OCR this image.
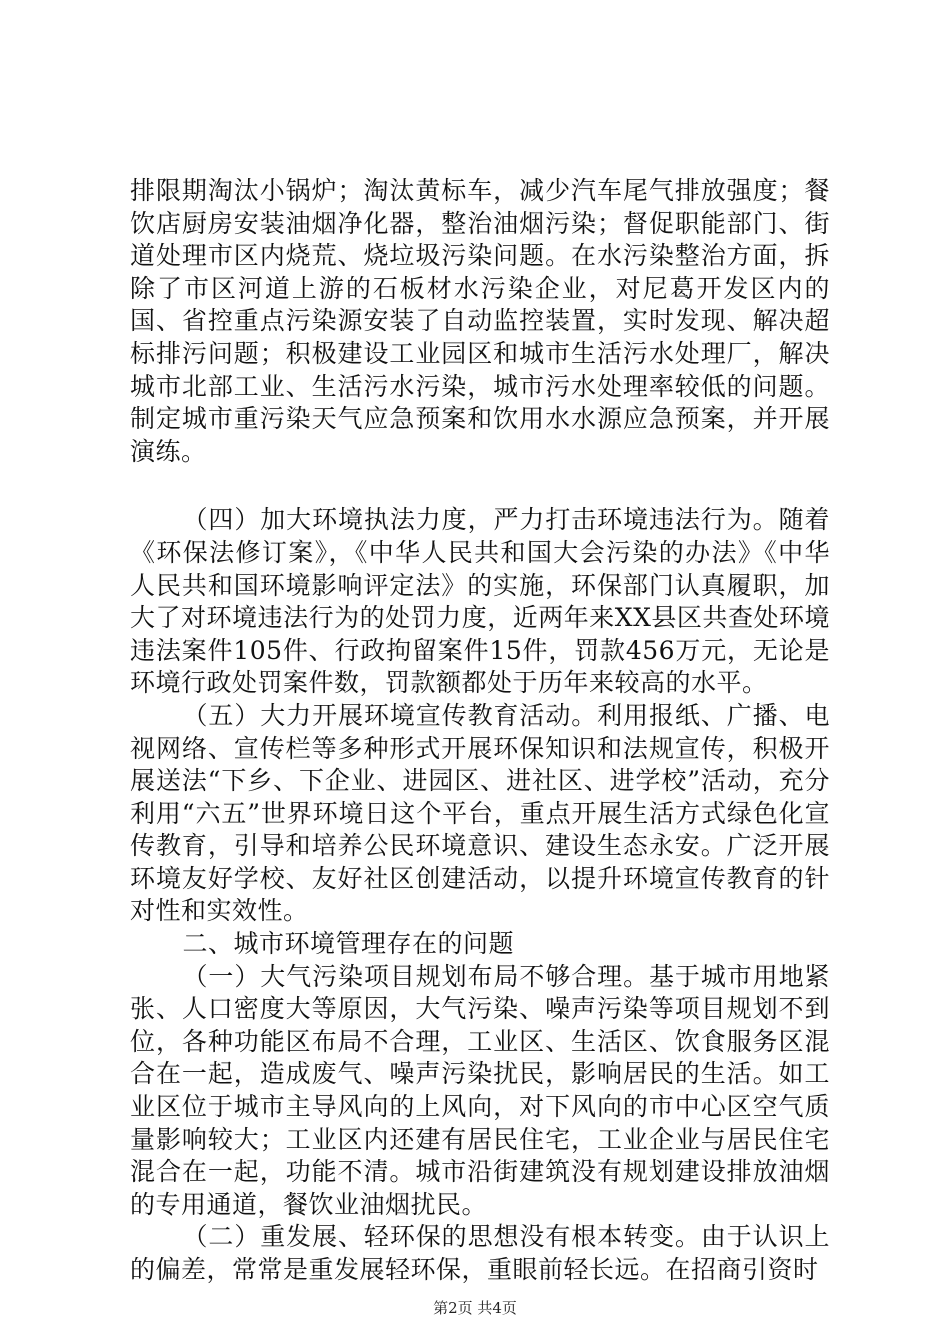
排限期淘汰小锅炉；淘汰黄标车，减少汽车尾气排放强度；餐饮店厨房安装油烟净化器，整治油烟污染；督促职能部门、街道处理市区内烧荒、烧垃圾污染问题。在水污染整治方面，拆除了市区河道上游的石板材水污染企业，对尼葛开发区内的国、省控重点污染源安装了自动监控装置，实时发现、解决超标排污问题；积极建设工业园区和城市生活污水处理厂，解决城市北部工业、生活污水污染，城市污水处理率较低的问题。制定城市重污染天气应急预案和饮用水水源应急预案，并开展演练。

（四）加大环境执法力度，严力打击环境违法行为。随着《环保法修订案》，《中华人民共和国大会污染的办法》《中华人民共和国环境影响评定法》的实施，环保部门认真履职，加大了对环境违法行为的处罚力度，近两年来XX县区共查处环境违法案件105件、行政拘留案件15件，罚款456万元，无论是环境行政处罚案件数，罚款额都处于历年来较高的水平。

（五）大力开展环境宣传教育活动。利用报纸、广播、电视网络、宣传栏等多种形式开展环保知识和法规宣传，积极开展送法“下乡、下企业、进园区、进社区、进学校”活动，充分利用“六五”世界环境日这个平台，重点开展生活方式绿色化宣传教育，引导和培养公民环境意识、建设生态永安。广泛开展环境友好学校、友好社区创建活动，以提升环境宣传教育的针对性和实效性。

二、城市环境管理存在的问题

（一）大气污染项目规划布局不够合理。基于城市用地紧张、人口密度大等原因，大气污染、噪声污染等项目规划不到位，各种功能区布局不合理，工业区、生活区、饮食服务区混合在一起，造成废气、噪声污染扰民，影响居民的生活。如工业区位于城市主导风向的上风向，对下风向的市中心区空气质量影响较大；工业区内还建有居民住宅，工业企业与居民住宅混合在一起，功能不清。城市沿街建筑没有规划建设排放油烟的专用通道，餐饮业油烟扰民。

（二）重发展、轻环保的思想没有根本转变。由于认识上的偏差，常常是重发展轻环保，重眼前轻长远。在招商引资时

第2页 共4页
